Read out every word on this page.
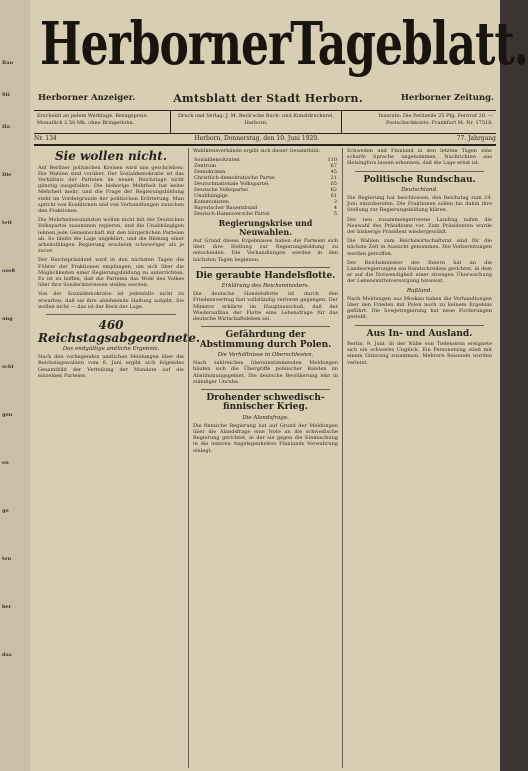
Bau
Sti
Ha
Die
tett
ozeß
ung
scht
gen
en
ge
ten
ber
das
Herborner Tageblatt.
Herborner Anzeiger.	Amtsblatt der Stadt Herborn.	Herborner Zeitung.
Erscheint an jedem Werktage. Bezugspreis: Monatlich 2.50 Mk. ohne Bringerlohn.
Druck und Verlag: J. M. Beck'sche Buch- und Kunstdruckerei, Herborn.
Inserate: Die Petitzeile 25 Pfg. Fernruf 20. — Postscheckkonto: Frankfurt M. Nr. 17518.
Nr. 134	Herborn, Donnerstag, den 10. Juni 1920.	77. Jahrgang
Sie wollen nicht.

Auf Berliner politischen Kreisen wird uns geschrieben: Die Wahlen sind vorüber. Der Sozialdemokratie ist das Verhältnis der Parteien im neuen Reichstage nicht günstig ausgefallen. Die bisherige Mehrheit hat keine Mehrheit mehr, und die Frage der Regierungsbildung steht im Vordergrunde der politischen Erörterung. Man spricht von Koalitionen und von Verhandlungen zwischen den Fraktionen.

Die Mehrheitssozialisten wollen nicht mit der Deutschen Volkspartei zusammen regieren, und die Unabhängigen lehnen jede Gemeinschaft mit den bürgerlichen Parteien ab. So bleibt die Lage ungeklärt, und die Bildung einer arbeitsfähigen Regierung erscheint schwieriger als je zuvor.

Der Reichspräsident wird in den nächsten Tagen die Führer der Fraktionen empfangen, um sich über die Möglichkeiten einer Regierungsbildung zu unterrichten. Es ist zu hoffen, daß die Parteien das Wohl des Volkes über ihre Sonderinteressen stellen werden.

Von der Sozialdemokratie ist jedenfalls nicht zu erwarten, daß sie ihre ablehnende Haltung aufgibt. Sie wollen nicht — das ist der Kern der Lage.

460 Reichstagsabgeordnete.
Das endgültige amtliche Ergebnis.

Nach den vorliegenden amtlichen Meldungen über die Reichstagswahlen vom 6. Juni ergibt sich folgendes Gesamtbild der Verteilung der Mandate auf die einzelnen Parteien.

Wahlkreisverbände ergibt sich dieser Gesamtbild:

Sozialdemokraten	110
Zentrum	67
Demokraten	45
Christlich-demokratische Partei	21
Deutschnationale Volkspartei	65
Deutsche Volkspartei	62
Unabhängige	81
Kommunisten	2
Bayerischer Bauernbund	4
Deutsch-Hannoversche Partei	5
Regierungskrise und Neuwahlen.

Auf Grund dieses Ergebnisses haben die Parteien sich über ihre Stellung zur Regierungsbildung zu entscheiden. Die Verhandlungen werden in den nächsten Tagen beginnen.

Die geraubte Handelsflotte.
Erklärung des Reichsministers.

Die deutsche Handelsflotte ist durch den Friedensvertrag fast vollständig verloren gegangen. Der Minister erklärte im Hauptausschuß, daß der Wiederaufbau der Flotte eine Lebensfrage für das deutsche Wirtschaftsleben sei.

Gefährdung der Abstimmung durch Polen.
Die Verhältnisse in Oberschlesien.

Nach zahlreichen übereinstimmenden Meldungen häufen sich die Übergriffe polnischer Banden im Abstimmungsgebiet. Die deutsche Bevölkerung lebt in ständiger Unruhe.

Drohender schwedisch-finnischer Krieg.
Die Alandsfrage.

Die finnische Regierung hat auf Grund der Meldungen über die Alandsfrage eine Note an die schwedische Regierung gerichtet, in der sie gegen die Einmischung in die inneren Angelegenheiten Finnlands Verwahrung einlegt.

Schweden und Finnland in den letzten Tagen eine scharfe Sprache angenommen. Nachrichten aus Helsingfors lassen erkennen, daß die Lage ernst ist.

Politische Rundschau.
Deutschland.

Die Regierung hat beschlossen, den Reichstag zum 24. Juni einzuberufen. Die Fraktionen sollen bis dahin ihre Stellung zur Regierungsbildung klären.

Der neu zusammengetretene Landtag nahm die Neuwahl des Präsidiums vor. Zum Präsidenten wurde der bisherige Präsident wiedergewählt.

Die Wahlen zum Reichswirtschaftsrat sind für die nächste Zeit in Aussicht genommen. Die Vorbereitungen werden getroffen.

Der Reichsminister des Innern hat an die Landesregierungen ein Rundschreiben gerichtet, in dem er auf die Notwendigkeit einer strengen Überwachung der Lebensmittelversorgung hinweist.

Rußland.

Nach Meldungen aus Moskau haben die Verhandlungen über den Frieden mit Polen noch zu keinem Ergebnis geführt. Die Sowjetregierung hat neue Forderungen gestellt.

Aus In- und Ausland.

Berlin, 9. Juni. In der Nähe von Tiefenstein ereignete sich ein schweres Unglück. Ein Personenzug stieß mit einem Güterzug zusammen. Mehrere Reisende wurden verletzt.
